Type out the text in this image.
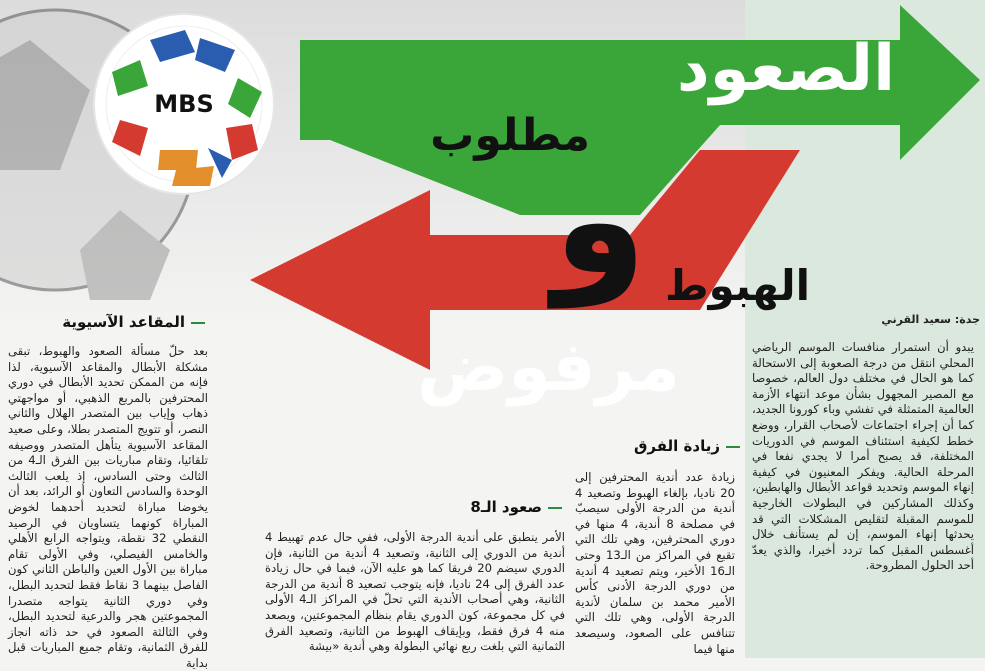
الصعود
مطلوب
و الهبوط
مرفوض
MBS
جدة: سعيد القرني

يبدو أن استمرار منافسات الموسم الرياضي المحلي انتقل من درجة الصعوبة إلى الاستحالة كما هو الحال في مختلف دول العالم، خصوصا مع المصير المجهول بشأن موعد انتهاء الأزمة العالمية المتمثلة في تفشي وباء كورونا الجديد، كما أن إجراء اجتماعات لأصحاب القرار، ووضع خطط لكيفية استئناف الموسم في الدوريات المختلفة، قد يصبح أمرا لا يجدي نفعا في المرحلة الحالية. ويفكر المعنيون في كيفية إنهاء الموسم وتحديد قواعد الأبطال والهابطين، وكذلك المشاركين في البطولات الخارجية للموسم المقبلة لتقليص المشكلات التي قد يحدثها إنهاء الموسم، إن لم يستأنف خلال أغسطس المقبل كما تردد أخيرا، والذي يعدّ أحد الحلول المطروحة.

زيادة الفرق

زيادة عدد أندية المحترفين إلى 20 ناديا، بإلغاء الهبوط وتصعيد 4 أندية من الدرجة الأولى سيصبّ في مصلحة 8 أندية، 4 منها في دوري المحترفين، وهي تلك التي تقبع في المراكز من الـ13 وحتى الـ16 الأخير، ويتم تصعيد 4 أندية من دوري الدرجة الأدنى كأس الأمير محمد بن سلمان لأندية الدرجة الأولى، وهي تلك التي تتنافس على الصعود، وسيصعد منها فيما

صعود الـ8

الأمر ينطبق على أندية الدرجة الأولى، ففي حال عدم تهبيط 4 أندية من الدوري إلى الثانية، وتصعيد 4 أندية من الثانية، فإن الدوري سيضم 20 فريقا كما هو عليه الآن، فيما في حال زيادة عدد الفرق إلى 24 ناديا، فإنه يتوجب تصعيد 8 أندية من الدرجة الثانية، وهي أصحاب الأندية التي تحلّ في المراكز الـ4 الأولى في كل مجموعة، كون الدوري يقام بنظام المجموعتين، ويصعد منه 4 فرق فقط، وبإيقاف الهبوط من الثانية، وتصعيد الفرق الثمانية التي بلغت ربع نهائي البطولة وهي أندية «بيشة

المقاعد الآسيوية

بعد حلّ مسألة الصعود والهبوط، تبقى مشكلة الأبطال والمقاعد الآسيوية، لذا فإنه من الممكن تحديد الأبطال في دوري المحترفين بالمربع الذهبي، أو مواجهتي ذهاب وإياب بين المتصدر الهلال والثاني النصر، أو تتويج المتصدر بطلا، وعلى صعيد المقاعد الآسيوية يتأهل المتصدر ووصيفه تلقائيا، وتقام مباريات بين الفرق الـ4 من الثالث وحتى السادس، إذ يلعب الثالث الوحدة والسادس التعاون أو الرائد، بعد أن يخوضا مباراة لتحديد أحدهما لخوض المباراة كونهما يتساويان في الرصيد النقطي 32 نقطة، ويتواجه الرابع الأهلي والخامس الفيصلي، وفي الأولى تقام مباراة بين الأول العين والباطن الثاني كون الفاصل بينهما 3 نقاط فقط لتحديد البطل، وفي دوري الثانية يتواجه متصدرا المجموعتين هجر والدرعية لتحديد البطل، وفي الثالثة الصعود في حد ذاته انجاز للفرق الثمانية، وتقام جميع المباريات قبل بداية
